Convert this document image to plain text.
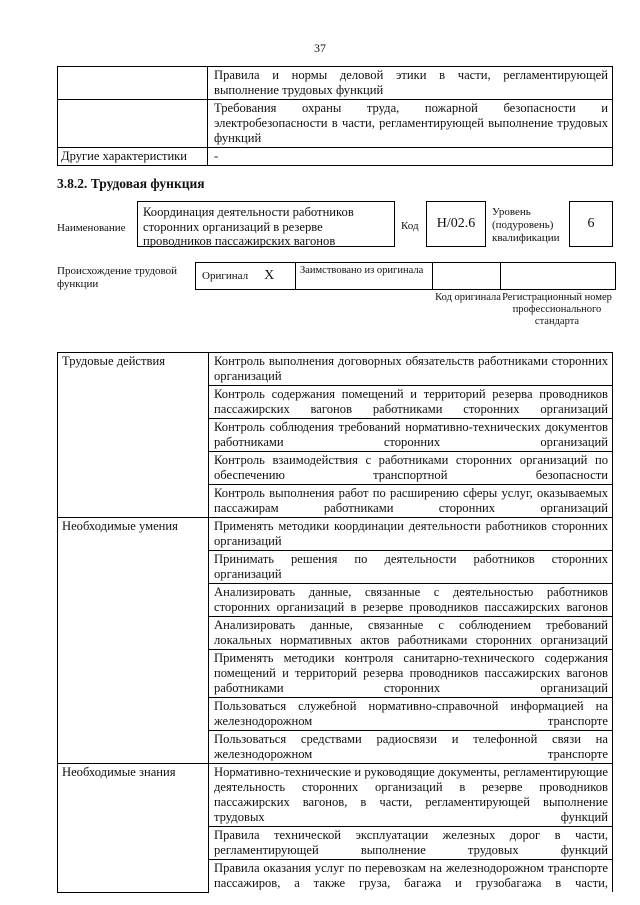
37
	Правила и нормы деловой этики в части, регламентирующей выполнение трудовых функций
	Требования охраны труда, пожарной безопасности и электробезопасности в части, регламентирующей выполнение трудовых функций
Другие характеристики	-
3.8.2. Трудовая функция
Наименование
Координация деятельности работников сторонних организаций в резерве проводников пассажирских вагонов
Код	H/02.6
Уровень (подуровень) квалификации
6
Происхождение трудовой функции
Оригинал X	Заимствовано из оригинала
Код оригинала Регистрационный номер профессионального стандарта
Трудовые действия	Контроль выполнения договорных обязательств работниками сторонних организаций
	Контроль содержания помещений и территорий резерва проводников пассажирских вагонов работниками сторонних организаций
	Контроль соблюдения требований нормативно-технических документов работниками сторонних организаций
	Контроль взаимодействия с работниками сторонних организаций по обеспечению транспортной безопасности
	Контроль выполнения работ по расширению сферы услуг, оказываемых пассажирам работниками сторонних организаций
Необходимые умения	Применять методики координации деятельности работников сторонних организаций
	Принимать решения по деятельности работников сторонних организаций
	Анализировать данные, связанные с деятельностью работников сторонних организаций в резерве проводников пассажирских вагонов
	Анализировать данные, связанные с соблюдением требований локальных нормативных актов работниками сторонних организаций
	Применять методики контроля санитарно-технического содержания помещений и территорий резерва проводников пассажирских вагонов работниками сторонних организаций
	Пользоваться служебной нормативно-справочной информацией на железнодорожном транспорте
	Пользоваться средствами радиосвязи и телефонной связи на железнодорожном транспорте
Необходимые знания	Нормативно-технические и руководящие документы, регламентирующие деятельность сторонних организаций в резерве проводников пассажирских вагонов, в части, регламентирующей выполнение трудовых функций
	Правила технической эксплуатации железных дорог в части, регламентирующей выполнение трудовых функций
	Правила оказания услуг по перевозкам на железнодорожном транспорте пассажиров, а также груза, багажа и грузобагажа в части,
